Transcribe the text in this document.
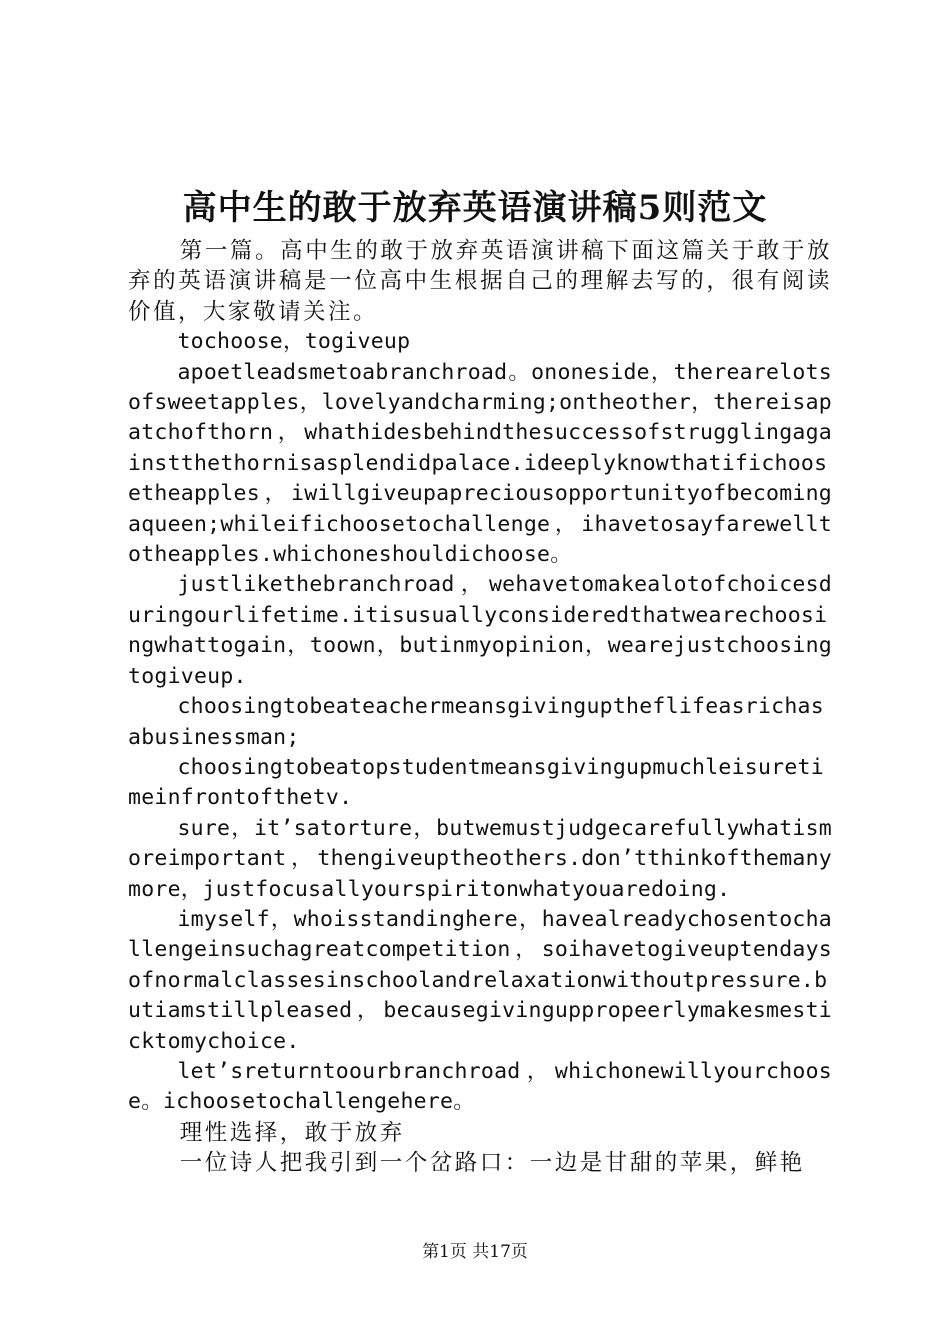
高中生的敢于放弃英语演讲稿5则范文

第一篇。高中生的敢于放弃英语演讲稿下面这篇关于敢于放弃的英语演讲稿是一位高中生根据自己的理解去写的，很有阅读价值，大家敬请关注。

tochoose，togiveup

apoetleadsmetoabranchroad。ononeside，therearelotsofsweetapples，lovelyandcharming;ontheother，thereisapatchofthorn，whathidesbehindthesuccessofstrugglingagainstthethornisasplendidpalace.ideeplyknowthatifichoosetheapples，iwillgiveupapreciousopportunityofbecomingaqueen;whileifichoosetochallenge，ihavetosayfarewelltotheapples.whichoneshouldichoose。

justlikethebranchroad，wehavetomakealotofchoicesduringourlifetime.itisusuallyconsideredthatwearechoosingwhattogain，toown，butinmyopinion，wearejustchoosingtogiveup.

choosingtobeateachermeansgivinguptheflifeasrichasabusinessman;

choosingtobeatopstudentmeansgivingupmuchleisuretimeinfrontofthetv.

sure，it’satorture，butwemustjudgecarefullywhatismoreimportant，thengiveuptheothers.don’tthinkofthemanymore，justfocusallyourspiritonwhatyouaredoing.

imyself，whoisstandinghere，havealreadychosentochallengeinsuchagreatcompetition，soihavetogiveuptendaysofnormalclassesinschoolandrelaxationwithoutpressure.butiamstillpleased，becausegivinguppropeerlymakesmesticktomychoice.

let’sreturntoourbranchroad，whichonewillyourchoose。ichoosetochallengehere。

理性选择，敢于放弃

一位诗人把我引到一个岔路口：一边是甘甜的苹果，鲜艳

第1页 共17页
